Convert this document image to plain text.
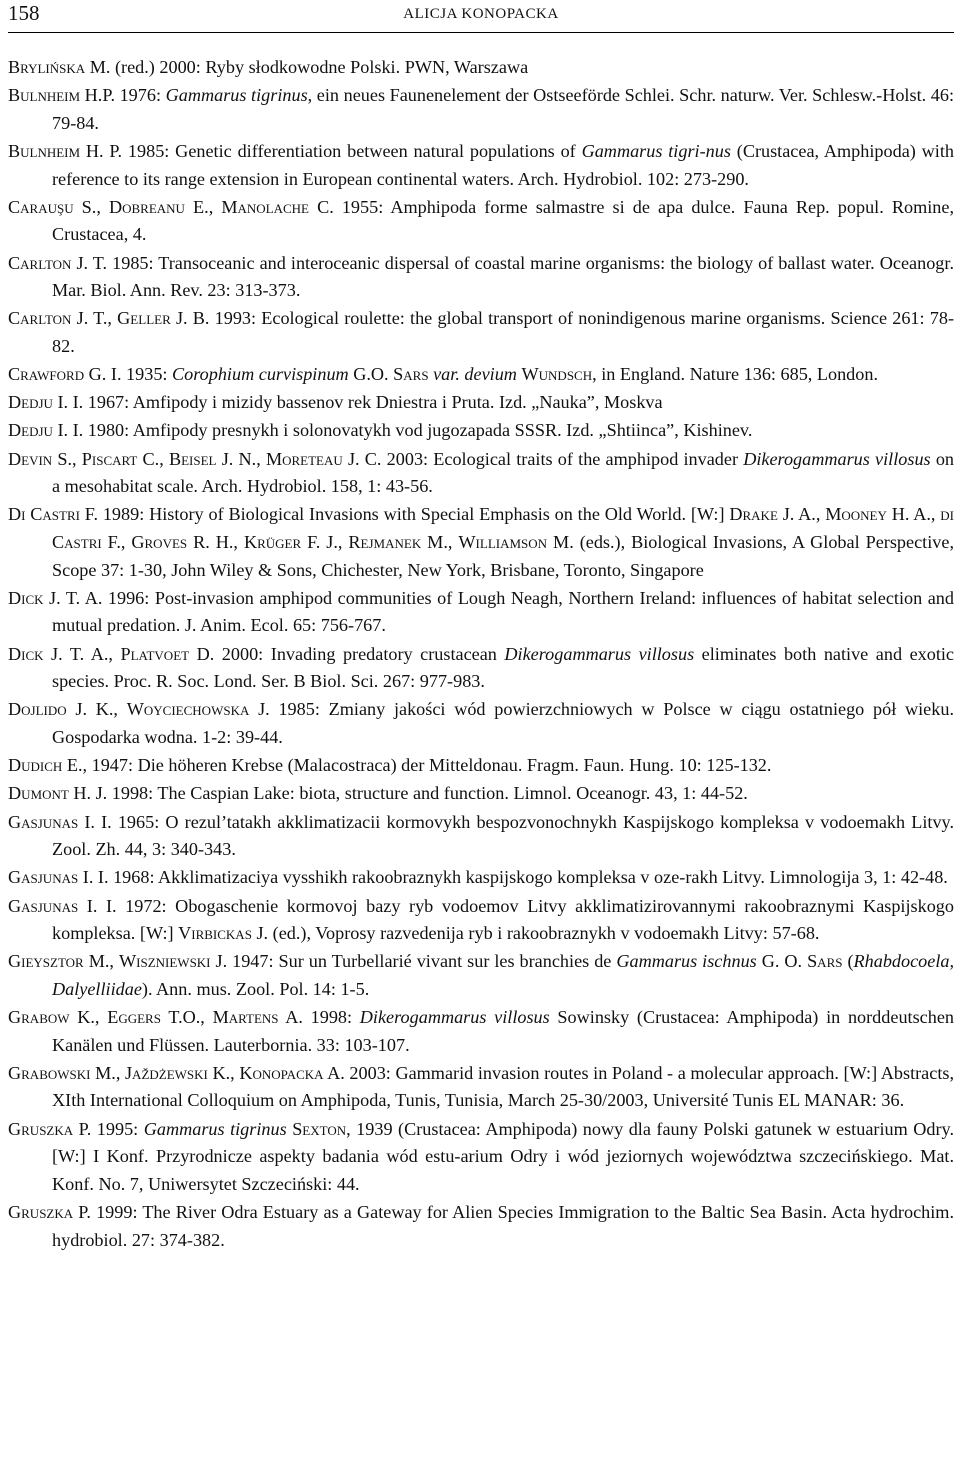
158	ALICJA KONOPACKA

Brylińska M. (red.) 2000: Ryby słodkowodne Polski. PWN, Warszawa

Bulnheim H.P. 1976: Gammarus tigrinus, ein neues Faunenelement der Ostseeförde Schlei. Schr. naturw. Ver. Schlesw.-Holst. 46: 79-84.

Bulnheim H. P. 1985: Genetic differentiation between natural populations of Gammarus tigri-nus (Crustacea, Amphipoda) with reference to its range extension in European continental waters. Arch. Hydrobiol. 102: 273-290.

Carauşu S., Dobreanu E., Manolache C. 1955: Amphipoda forme salmastre si de apa dulce. Fauna Rep. popul. Romine, Crustacea, 4.

Carlton J. T. 1985: Transoceanic and interoceanic dispersal of coastal marine organisms: the biology of ballast water. Oceanogr. Mar. Biol. Ann. Rev. 23: 313-373.

Carlton J. T., Geller J. B. 1993: Ecological roulette: the global transport of nonindigenous marine organisms. Science 261: 78-82.

Crawford G. I. 1935: Corophium curvispinum G.O. Sars var. devium Wundsch, in England. Nature 136: 685, London.

Dedju I. I. 1967: Amfipody i mizidy bassenov rek Dniestra i Pruta. Izd. „Nauka”, Moskva

Dedju I. I. 1980: Amfipody presnykh i solonovatykh vod jugozapada SSSR. Izd. „Shtiinca”, Kishinev.

Devin S., Piscart C., Beisel J. N., Moreteau J. C. 2003: Ecological traits of the amphipod invader Dikerogammarus villosus on a mesohabitat scale. Arch. Hydrobiol. 158, 1: 43-56.

Di Castri F. 1989: History of Biological Invasions with Special Emphasis on the Old World. [W:] Drake J. A., Mooney H. A., di Castri F., Groves R. H., Krüger F. J., Rejmanek M., Williamson M. (eds.), Biological Invasions, A Global Perspective, Scope 37: 1-30, John Wiley & Sons, Chichester, New York, Brisbane, Toronto, Singapore

Dick J. T. A. 1996: Post-invasion amphipod communities of Lough Neagh, Northern Ireland: influences of habitat selection and mutual predation. J. Anim. Ecol. 65: 756-767.

Dick J. T. A., Platvoet D. 2000: Invading predatory crustacean Dikerogammarus villosus eliminates both native and exotic species. Proc. R. Soc. Lond. Ser. B Biol. Sci. 267: 977-983.

Dojlido J. K., Woyciechowska J. 1985: Zmiany jakości wód powierzchniowych w Polsce w ciągu ostatniego pół wieku. Gospodarka wodna. 1-2: 39-44.

Dudich E., 1947: Die höheren Krebse (Malacostraca) der Mitteldonau. Fragm. Faun. Hung. 10: 125-132.

Dumont H. J. 1998: The Caspian Lake: biota, structure and function. Limnol. Oceanogr. 43, 1: 44-52.

Gasjunas I. I. 1965: O rezul’tatakh akklimatizacii kormovykh bespozvonochnykh Kaspijskogo kompleksa v vodoemakh Litvy. Zool. Zh. 44, 3: 340-343.

Gasjunas I. I. 1968: Akklimatizaciya vysshikh rakoobraznykh kaspijskogo kompleksa v oze-rakh Litvy. Limnologija 3, 1: 42-48.

Gasjunas I. I. 1972: Obogaschenie kormovoj bazy ryb vodoemov Litvy akklimatizirovannymi rakoobraznymi Kaspijskogo kompleksa. [W:] Virbickas J. (ed.), Voprosy razvedenija ryb i rakoobraznykh v vodoemakh Litvy: 57-68.

Gieysztor M., Wiszniewski J. 1947: Sur un Turbellarié vivant sur les branchies de Gammarus ischnus G. O. Sars (Rhabdocoela, Dalyelliidae). Ann. mus. Zool. Pol. 14: 1-5.

Grabow K., Eggers T.O., Martens A. 1998: Dikerogammarus villosus Sowinsky (Crustacea: Amphipoda) in norddeutschen Kanälen und Flüssen. Lauterbornia. 33: 103-107.

Grabowski M., Jaždżewski K., Konopacka A. 2003: Gammarid invasion routes in Poland - a molecular approach. [W:] Abstracts, XIth International Colloquium on Amphipoda, Tunis, Tunisia, March 25-30/2003, Université Tunis EL MANAR: 36.

Gruszka P. 1995: Gammarus tigrinus Sexton, 1939 (Crustacea: Amphipoda) nowy dla fauny Polski gatunek w estuarium Odry. [W:] I Konf. Przyrodnicze aspekty badania wód estu-arium Odry i wód jeziornych województwa szczecińskiego. Mat. Konf. No. 7, Uniwersytet Szczeciński: 44.

Gruszka P. 1999: The River Odra Estuary as a Gateway for Alien Species Immigration to the Baltic Sea Basin. Acta hydrochim. hydrobiol. 27: 374-382.
